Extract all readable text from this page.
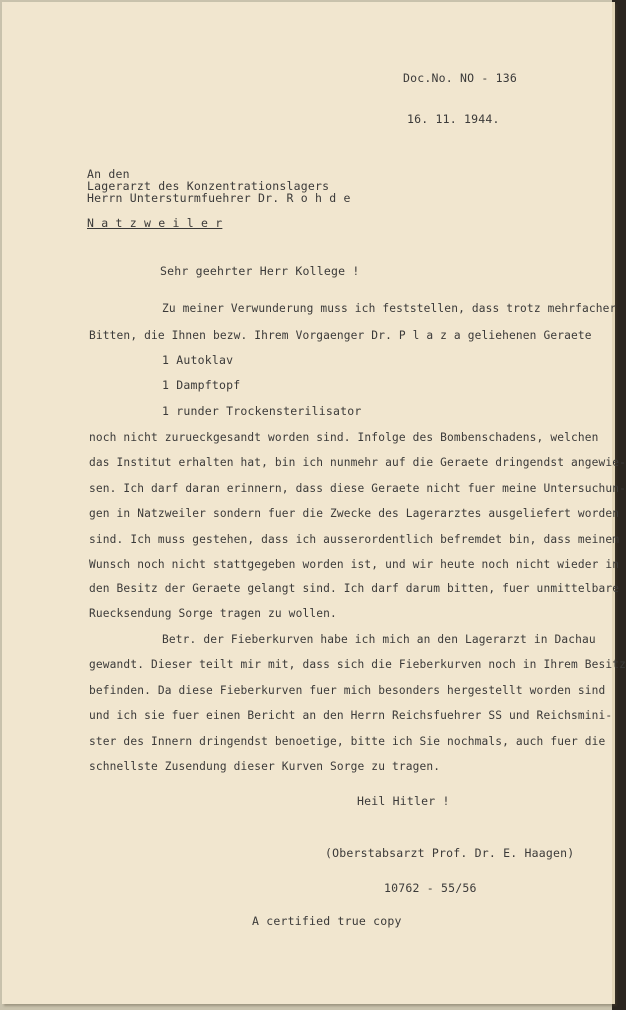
Doc.No. NO - 136
16. 11. 1944.
An den
Lagerarzt des Konzentrationslagers
Herrn Untersturmfuehrer Dr. R o h d e
N a t z w e i l e r
Sehr geehrter Herr Kollege !
Zu meiner Verwunderung muss ich feststellen, dass trotz mehrfacher
Bitten, die Ihnen bezw. Ihrem Vorgaenger Dr. P l a z a geliehenen Geraete
1 Autoklav
1 Dampftopf
1 runder Trockensterilisator
noch nicht zurueckgesandt worden sind. Infolge des Bombenschadens, welchen
das Institut erhalten hat, bin ich nunmehr auf die Geraete dringendst angewie-
sen. Ich darf daran erinnern, dass diese Geraete nicht fuer meine Untersuchun-
gen in Natzweiler sondern fuer die Zwecke des Lagerarztes ausgeliefert worden
sind. Ich muss gestehen, dass ich ausserordentlich befremdet bin, dass meinem
Wunsch noch nicht stattgegeben worden ist, und wir heute noch nicht wieder in
den Besitz der Geraete gelangt sind. Ich darf darum bitten, fuer unmittelbare
Ruecksendung Sorge tragen zu wollen.
Betr. der Fieberkurven habe ich mich an den Lagerarzt in Dachau
gewandt. Dieser teilt mir mit, dass sich die Fieberkurven noch in Ihrem Besitz
befinden. Da diese Fieberkurven fuer mich besonders hergestellt worden sind
und ich sie fuer einen Bericht an den Herrn Reichsfuehrer SS und Reichsmini-
ster des Innern dringendst benoetige, bitte ich Sie nochmals, auch fuer die
schnellste Zusendung dieser Kurven Sorge zu tragen.
Heil Hitler !
(Oberstabsarzt Prof. Dr. E. Haagen)
10762 - 55/56
A certified true copy
